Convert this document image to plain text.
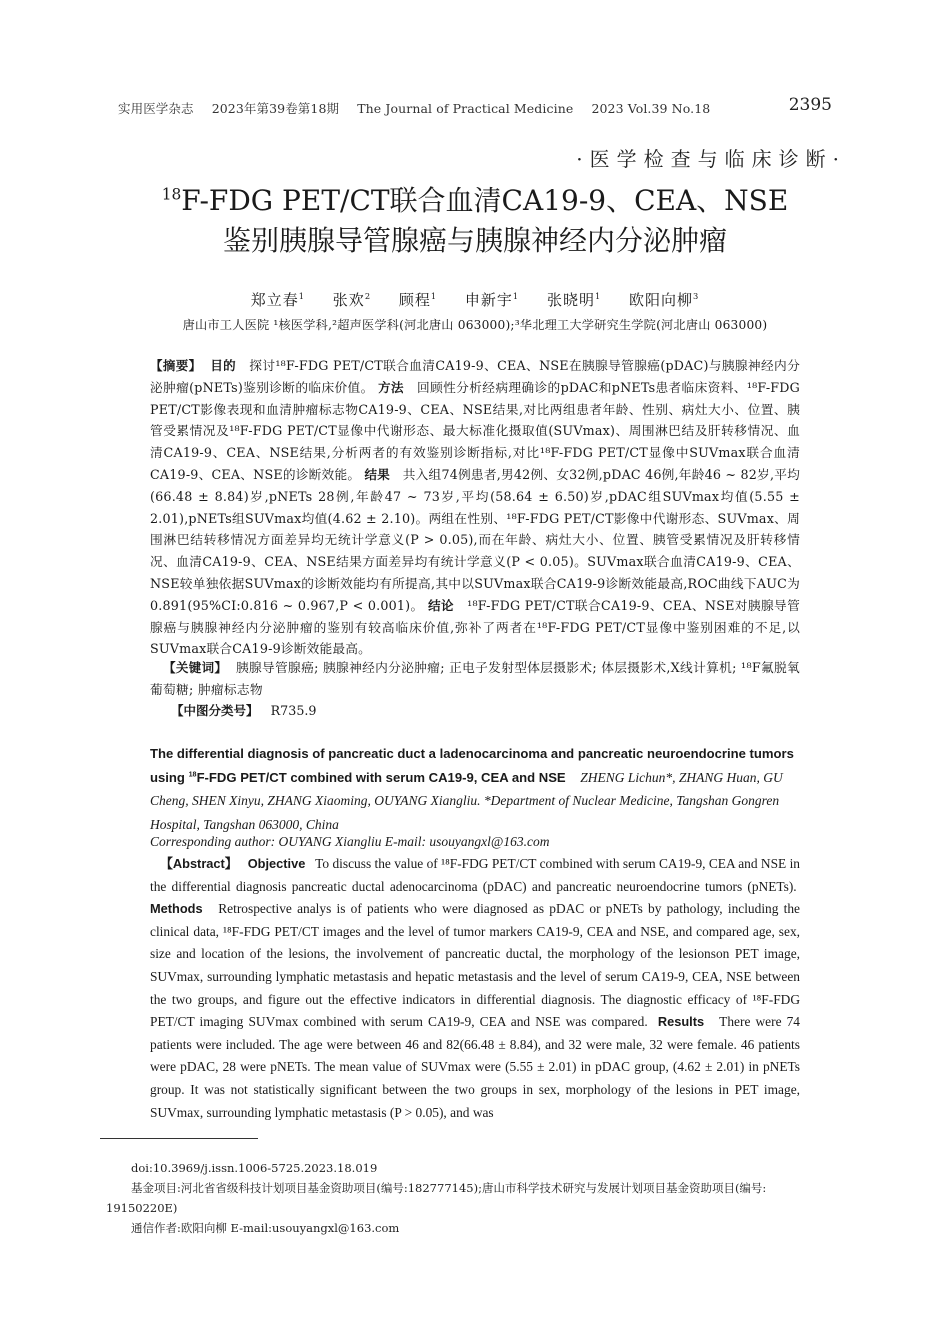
实用医学杂志 2023年第39卷第18期 The Journal of Practical Medicine 2023 Vol.39 No.18	2395
·医学检查与临床诊断·
$^{18}$F-FDG PET/CT联合血清CA19-9、CEA、NSE
鉴别胰腺导管腺癌与胰腺神经内分泌肿瘤
郑立春$^1$ 张欢$^2$ 顾程$^1$ 申新宇$^1$ 张晓明$^1$ 欧阳向柳$^3$
唐山市工人医院 ¹核医学科,²超声医学科(河北唐山 063000);³华北理工大学研究生学院(河北唐山 063000)
【摘要】 目的 探讨¹⁸F-FDG PET/CT联合血清CA19-9、CEA、NSE在胰腺导管腺癌(pDAC)与胰腺神经内分泌肿瘤(pNETs)鉴别诊断的临床价值。 方法 回顾性分析经病理确诊的pDAC和pNETs患者临床资料、¹⁸F-FDG PET/CT影像表现和血清肿瘤标志物CA19-9、CEA、NSE结果,对比两组患者年龄、性别、病灶大小、位置、胰管受累情况及¹⁸F-FDG PET/CT显像中代谢形态、最大标准化摄取值(SUVmax)、周围淋巴结及肝转移情况、血清CA19-9、CEA、NSE结果,分析两者的有效鉴别诊断指标,对比¹⁸F-FDG PET/CT显像中SUVmax联合血清CA19-9、CEA、NSE的诊断效能。 结果 共入组74例患者,男42例、女32例,pDAC 46例,年龄46 ~ 82岁,平均(66.48 ± 8.84)岁,pNETs 28例,年龄47 ~ 73岁,平均(58.64 ± 6.50)岁,pDAC组SUVmax均值(5.55 ± 2.01),pNETs组SUVmax均值(4.62 ± 2.10)。两组在性别、¹⁸F-FDG PET/CT影像中代谢形态、SUVmax、周围淋巴结转移情况方面差异均无统计学意义(P > 0.05),而在年龄、病灶大小、位置、胰管受累情况及肝转移情况、血清CA19-9、CEA、NSE结果方面差异均有统计学意义(P < 0.05)。SUVmax联合血清CA19-9、CEA、NSE较单独依据SUVmax的诊断效能均有所提高,其中以SUVmax联合CA19-9诊断效能最高,ROC曲线下AUC为0.891(95%CI:0.816 ~ 0.967,P < 0.001)。 结论 ¹⁸F-FDG PET/CT联合CA19-9、CEA、NSE对胰腺导管腺癌与胰腺神经内分泌肿瘤的鉴别有较高临床价值,弥补了两者在¹⁸F-FDG PET/CT显像中鉴别困难的不足,以SUVmax联合CA19-9诊断效能最高。
【关键词】 胰腺导管腺癌; 胰腺神经内分泌肿瘤; 正电子发射型体层摄影术; 体层摄影术,X线计算机; ¹⁸F氟脱氧葡萄糖; 肿瘤标志物
【中图分类号】 R735.9
The differential diagnosis of pancreatic duct a ladenocarcinoma and pancreatic neuroendocrine tumors using $^{18}$F-FDG PET/CT combined with serum CA19-9, CEA and NSE ZHENG Lichun*, ZHANG Huan, GU Cheng, SHEN Xinyu, ZHANG Xiaoming, OUYANG Xiangliu. *Department of Nuclear Medicine, Tangshan Gongren Hospital, Tangshan 063000, China
Corresponding author: OUYANG Xiangliu E-mail: usouyangxl@163.com
【Abstract】 Objective To discuss the value of ¹⁸F-FDG PET/CT combined with serum CA19-9, CEA and NSE in the differential diagnosis pancreatic ductal adenocarcinoma (pDAC) and pancreatic neuroendocrine tumors (pNETs).  Methods Retrospective analys is of patients who were diagnosed as pDAC or pNETs by pathology, including the clinical data, ¹⁸F-FDG PET/CT images and the level of tumor markers CA19-9, CEA and NSE, and compared age, sex, size and location of the lesions, the involvement of pancreatic ductal, the morphology of the lesionson PET image, SUVmax, surrounding lymphatic metastasis and hepatic metastasis and the level of serum CA19-9, CEA, NSE between the two groups, and figure out the effective indicators in differential diagnosis. The diagnostic efficacy of ¹⁸F-FDG PET/CT imaging SUVmax combined with serum CA19-9, CEA and NSE was compared. Results There were 74 patients were included. The age were between 46 and 82(66.48 ± 8.84), and 32 were male, 32 were female. 46 patients were pDAC, 28 were pNETs. The mean value of SUVmax were (5.55 ± 2.01) in pDAC group, (4.62 ± 2.01) in pNETs group. It was not statistically significant between the two groups in sex, morphology of the lesions in PET image, SUVmax, surrounding lymphatic metastasis (P > 0.05), and was
doi:10.3969/j.issn.1006-5725.2023.18.019
基金项目:河北省省级科技计划项目基金资助项目(编号:182777145);唐山市科学技术研究与发展计划项目基金资助项目(编号:
19150220E)
通信作者:欧阳向柳 E-mail:usouyangxl@163.com
